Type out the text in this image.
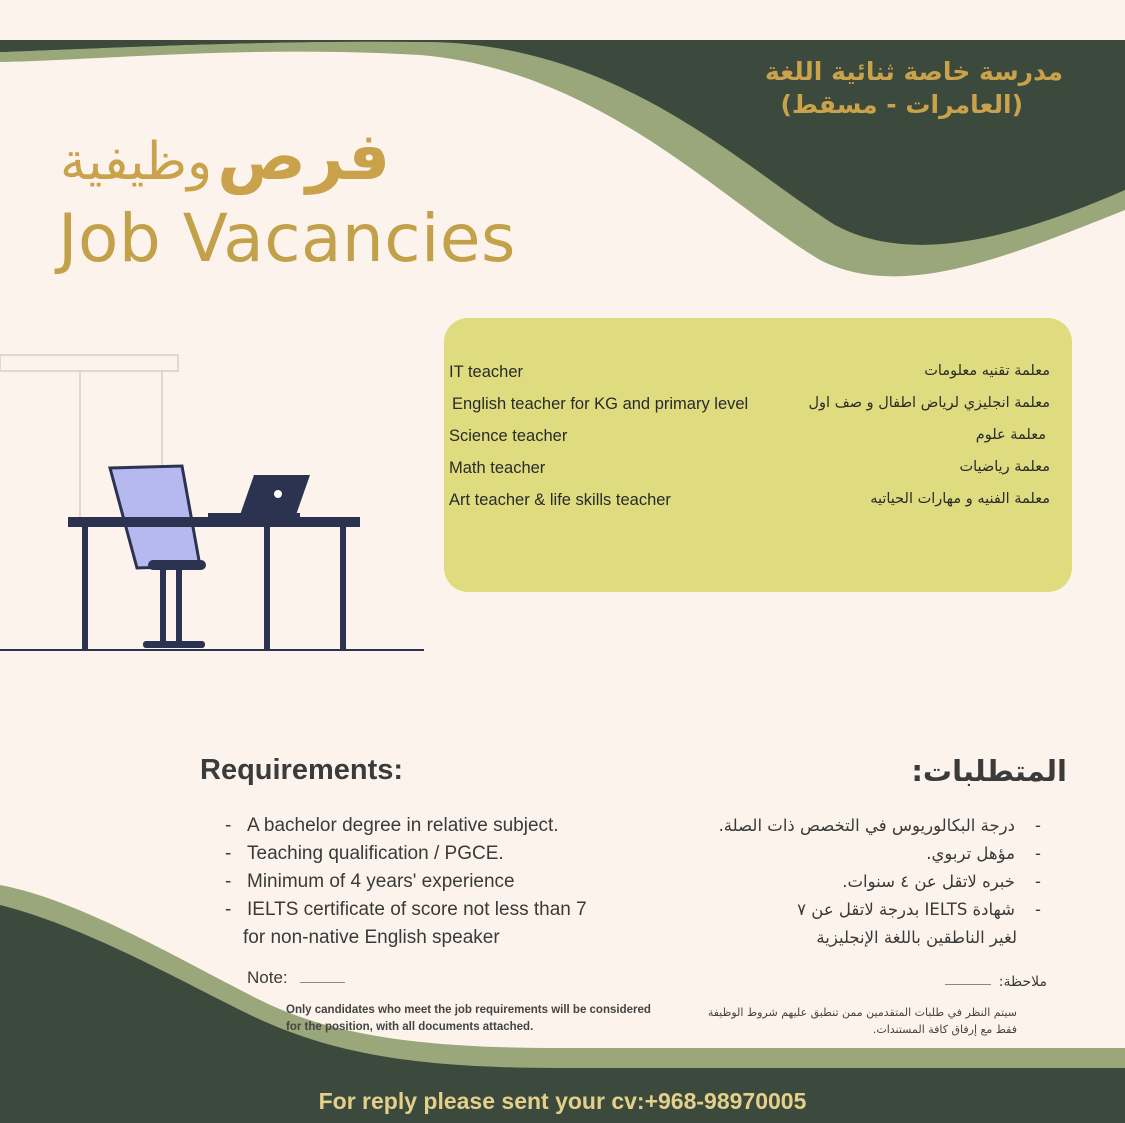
مدرسة خاصة ثنائية اللغة
(العامرات - مسقط)
فرص وظيفية
Job Vacancies
IT teacher	معلمة تقنيه معلومات
English teacher for KG and primary level	معلمة انجليزي لرياض اطفال و صف اول
Science teacher	معلمة علوم
Math teacher	معلمة رياضيات
Art teacher & life skills teacher	معلمة الفنيه و مهارات الحياتيه
Requirements:	المتطلبات:
- A bachelor degree in relative subject.
- Teaching qualification / PGCE.
- Minimum of 4 years' experience
- IELTS certificate of score not less than 7
for non-native English speaker
-
درجة البكالوريوس في التخصص ذات الصلة.
-
مؤهل تربوي.
-
خبره لاتقل عن ٤ سنوات.
-
شهادة IELTS بدرجة لاتقل عن ٧
لغير الناطقين باللغة الإنجليزية
Note:
Only candidates who meet the job requirements will be considered for the position, with all documents attached.
ملاحظة:
سيتم النظر في طلبات المتقدمين ممن تنطبق عليهم شروط الوظيفة فقط مع إرفاق كافة المستندات.
For reply please sent your cv:+968-98970005
